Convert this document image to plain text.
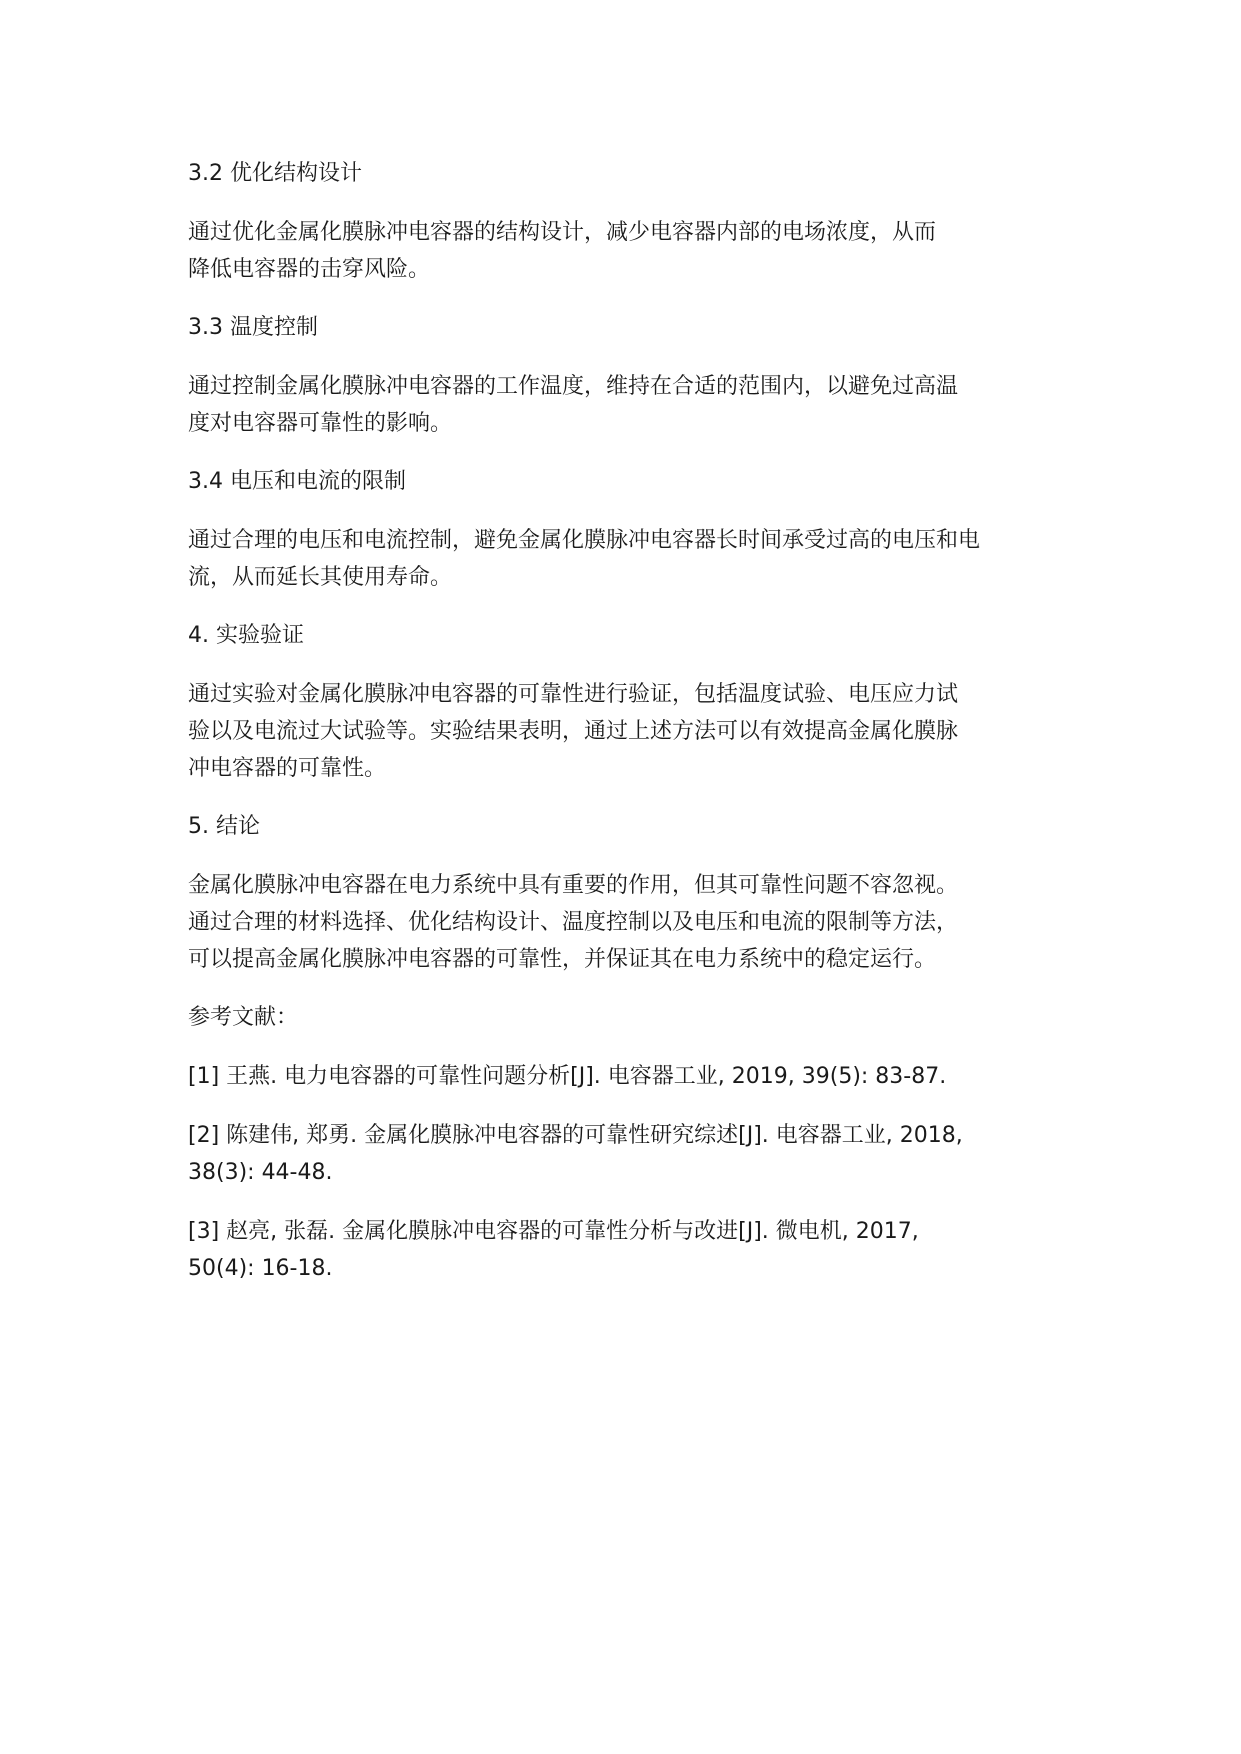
3.2 优化结构设计
通过优化金属化膜脉冲电容器的结构设计，减少电容器内部的电场浓度，从而降低电容器的击穿风险。
3.3 温度控制
通过控制金属化膜脉冲电容器的工作温度，维持在合适的范围内，以避免过高温度对电容器可靠性的影响。
3.4 电压和电流的限制
通过合理的电压和电流控制，避免金属化膜脉冲电容器长时间承受过高的电压和电流，从而延长其使用寿命。
4. 实验验证
通过实验对金属化膜脉冲电容器的可靠性进行验证，包括温度试验、电压应力试验以及电流过大试验等。实验结果表明，通过上述方法可以有效提高金属化膜脉冲电容器的可靠性。
5. 结论
金属化膜脉冲电容器在电力系统中具有重要的作用，但其可靠性问题不容忽视。通过合理的材料选择、优化结构设计、温度控制以及电压和电流的限制等方法，可以提高金属化膜脉冲电容器的可靠性，并保证其在电力系统中的稳定运行。
参考文献：
[1] 王燕. 电力电容器的可靠性问题分析[J]. 电容器工业, 2019, 39(5): 83-87.
[2] 陈建伟, 郑勇. 金属化膜脉冲电容器的可靠性研究综述[J]. 电容器工业, 2018, 38(3): 44-48.
[3] 赵亮, 张磊. 金属化膜脉冲电容器的可靠性分析与改进[J]. 微电机, 2017, 50(4): 16-18.
